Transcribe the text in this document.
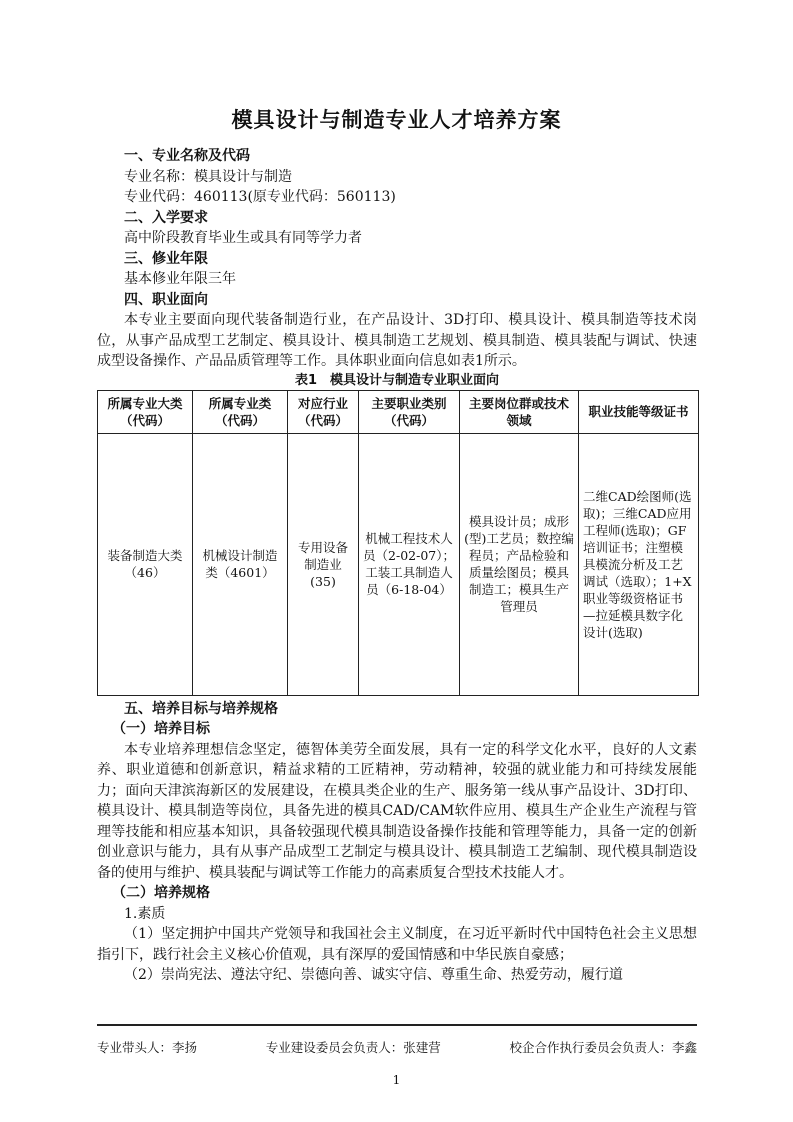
模具设计与制造专业人才培养方案
一、专业名称及代码
专业名称：模具设计与制造
专业代码：460113(原专业代码：560113)
二、入学要求
高中阶段教育毕业生或具有同等学力者
三、修业年限
基本修业年限三年
四、职业面向
本专业主要面向现代装备制造行业，在产品设计、3D打印、模具设计、模具制造等技术岗位，从事产品成型工艺制定、模具设计、模具制造工艺规划、模具制造、模具装配与调试、快速成型设备操作、产品品质管理等工作。具体职业面向信息如表1所示。
表1　模具设计与制造专业职业面向
所属专业大类（代码）	所属专业类（代码）	对应行业（代码）	主要职业类别（代码）	主要岗位群或技术领域	职业技能等级证书
装备制造大类（46）	机械设计制造类（4601）	专用设备制造业(35)	机械工程技术人员（2-02-07）；工装工具制造人员（6-18-04）	模具设计员；成形(型)工艺员；数控编程员；产品检验和质量绘图员；模具制造工；模具生产管理员	二维CAD绘图师(选取)；三维CAD应用工程师(选取)；GF培训证书；注塑模具模流分析及工艺调试（选取）；1+X职业等级资格证书—拉延模具数字化设计(选取)
五、培养目标与培养规格
（一）培养目标
本专业培养理想信念坚定，德智体美劳全面发展，具有一定的科学文化水平，良好的人文素养、职业道德和创新意识，精益求精的工匠精神，劳动精神，较强的就业能力和可持续发展能力；面向天津滨海新区的发展建设，在模具类企业的生产、服务第一线从事产品设计、3D打印、模具设计、模具制造等岗位，具备先进的模具CAD/CAM软件应用、模具生产企业生产流程与管理等技能和相应基本知识，具备较强现代模具制造设备操作技能和管理等能力，具备一定的创新创业意识与能力，具有从事产品成型工艺制定与模具设计、模具制造工艺编制、现代模具制造设备的使用与维护、模具装配与调试等工作能力的高素质复合型技术技能人才。
（二）培养规格
1.素质
（1）坚定拥护中国共产党领导和我国社会主义制度，在习近平新时代中国特色社会主义思想指引下，践行社会主义核心价值观，具有深厚的爱国情感和中华民族自豪感；
（2）崇尚宪法、遵法守纪、崇德向善、诚实守信、尊重生命、热爱劳动，履行道
专业带头人：李扬	专业建设委员会负责人：张建营	校企合作执行委员会负责人：李鑫
1
